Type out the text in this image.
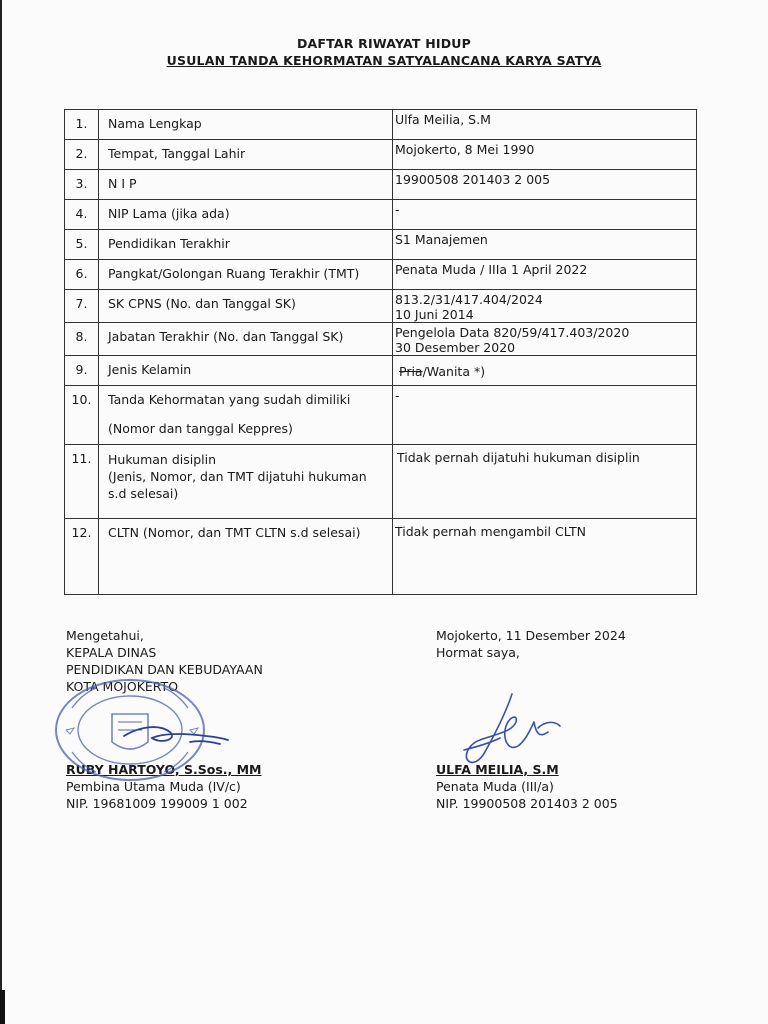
DAFTAR RIWAYAT HIDUP
USULAN TANDA KEHORMATAN SATYALANCANA KARYA SATYA
1.	Nama Lengkap	Ulfa Meilia, S.M
2.	Tempat, Tanggal Lahir	Mojokerto, 8 Mei 1990
3.	N I P	19900508 201403 2 005
4.	NIP Lama (jika ada)	-
5.	Pendidikan Terakhir	S1 Manajemen
6.	Pangkat/Golongan Ruang Terakhir (TMT)	Penata Muda / IIIa 1 April 2022
7.	SK CPNS (No. dan Tanggal SK)	813.2/31/417.404/2024
10 Juni 2014

8.	Jabatan Terakhir (No. dan Tanggal SK)	Pengelola Data 820/59/417.403/2020
30 Desember 2020

9.	Jenis Kelamin	Pria/Wanita *)
10.	Tanda Kehormatan yang sudah dimiliki
(Nomor dan tanggal Keppres)	-
11.	Hukuman disiplin
(Jenis, Nomor, dan TMT dijatuhi hukuman
s.d selesai)	Tidak pernah dijatuhi hukuman disiplin
12.	CLTN (Nomor, dan TMT CLTN s.d selesai)	Tidak pernah mengambil CLTN
Mengetahui,
KEPALA DINAS
PENDIDIKAN DAN KEBUDAYAAN
KOTA MOJOKERTO
RUBY HARTOYO, S.Sos., MM
Pembina Utama Muda (IV/c)
NIP. 19681009 199009 1 002
Mojokerto, 11 Desember 2024
Hormat saya,
ULFA MEILIA, S.M
Penata Muda (III/a)
NIP. 19900508 201403 2 005
